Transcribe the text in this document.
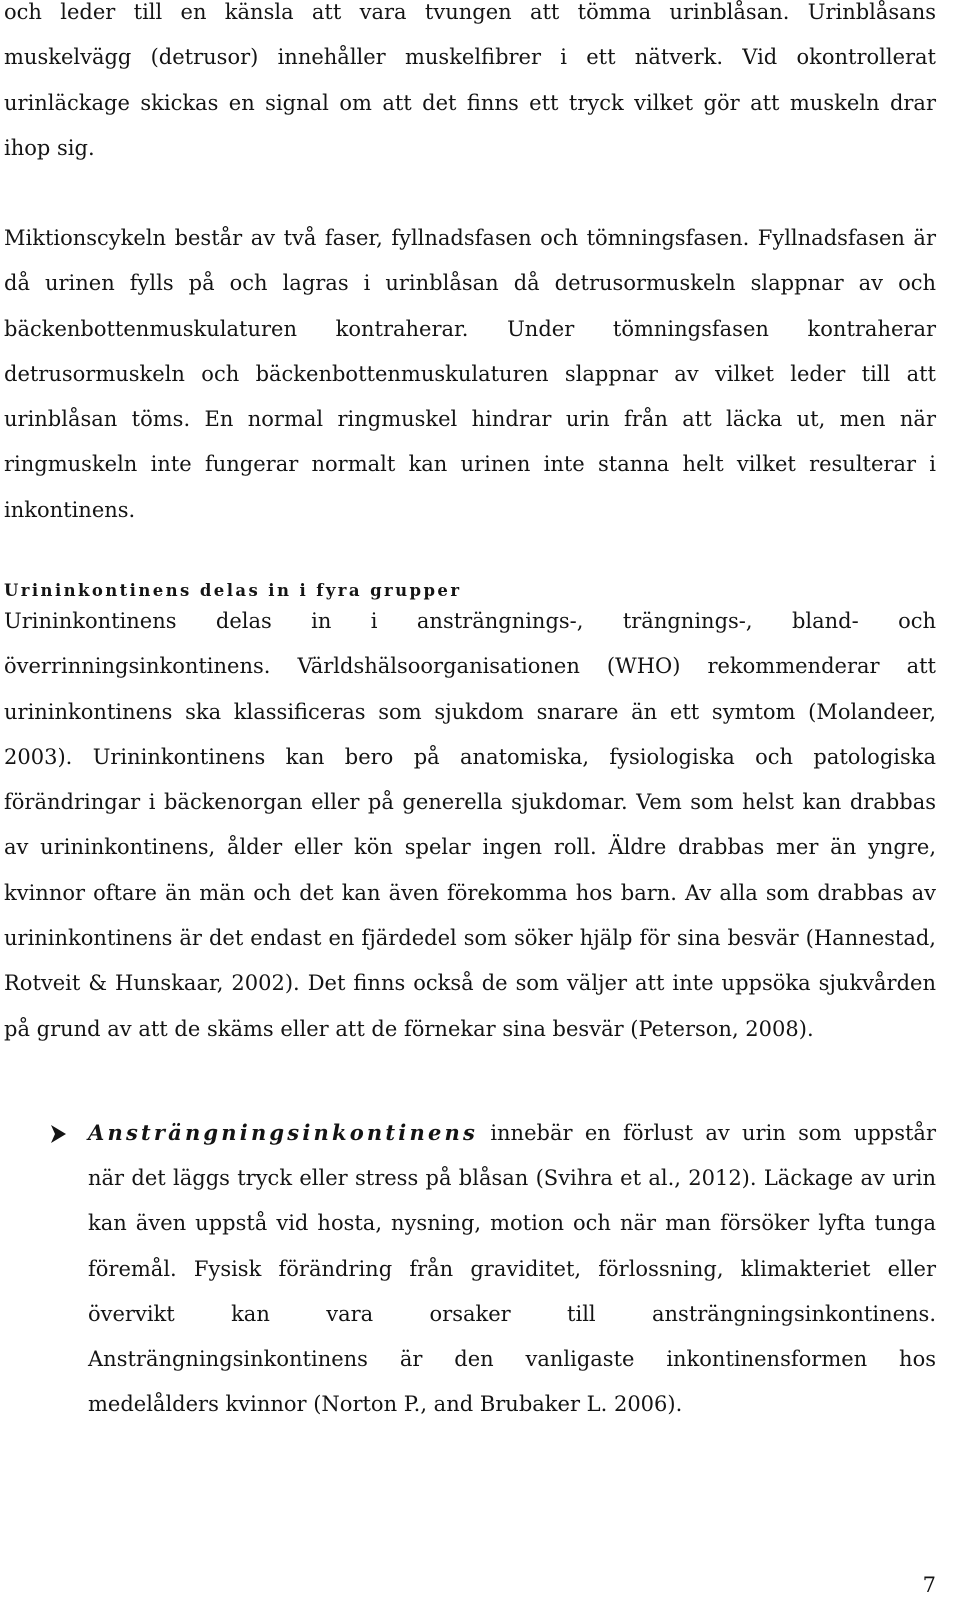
och leder till en känsla att vara tvungen att tömma urinblåsan. Urinblåsans muskelvägg (detrusor) innehåller muskelfibrer i ett nätverk. Vid okontrollerat urinläckage skickas en signal om att det finns ett tryck vilket gör att muskeln drar ihop sig.

Miktionscykeln består av två faser, fyllnadsfasen och tömningsfasen. Fyllnadsfasen är då urinen fylls på och lagras i urinblåsan då detrusormuskeln slappnar av och bäckenbottenmuskulaturen kontraherar. Under tömningsfasen kontraherar detrusormuskeln och bäckenbottenmuskulaturen slappnar av vilket leder till att urinblåsan töms. En normal ringmuskel hindrar urin från att läcka ut, men när ringmuskeln inte fungerar normalt kan urinen inte stanna helt vilket resulterar i inkontinens.

Urininkontinens delas in i fyra grupper

Urininkontinens delas in i ansträngnings-, trängnings-, bland- och överrinningsinkontinens. Världshälsoorganisationen (WHO) rekommenderar att urininkontinens ska klassificeras som sjukdom snarare än ett symtom (Molandeer, 2003). Urininkontinens kan bero på anatomiska, fysiologiska och patologiska förändringar i bäckenorgan eller på generella sjukdomar. Vem som helst kan drabbas av urininkontinens, ålder eller kön spelar ingen roll. Äldre drabbas mer än yngre, kvinnor oftare än män och det kan även förekomma hos barn. Av alla som drabbas av urininkontinens är det endast en fjärdedel som söker hjälp för sina besvär (Hannestad, Rotveit & Hunskaar, 2002). Det finns också de som väljer att inte uppsöka sjukvården på grund av att de skäms eller att de förnekar sina besvär (Peterson, 2008).

Ansträngningsinkontinens innebär en förlust av urin som uppstår när det läggs tryck eller stress på blåsan (Svihra et al., 2012). Läckage av urin kan även uppstå vid hosta, nysning, motion och när man försöker lyfta tunga föremål. Fysisk förändring från graviditet, förlossning, klimakteriet eller övervikt kan vara orsaker till ansträngningsinkontinens. Ansträngningsinkontinens är den vanligaste inkontinensformen hos medelålders kvinnor (Norton P., and Brubaker L. 2006).

7
